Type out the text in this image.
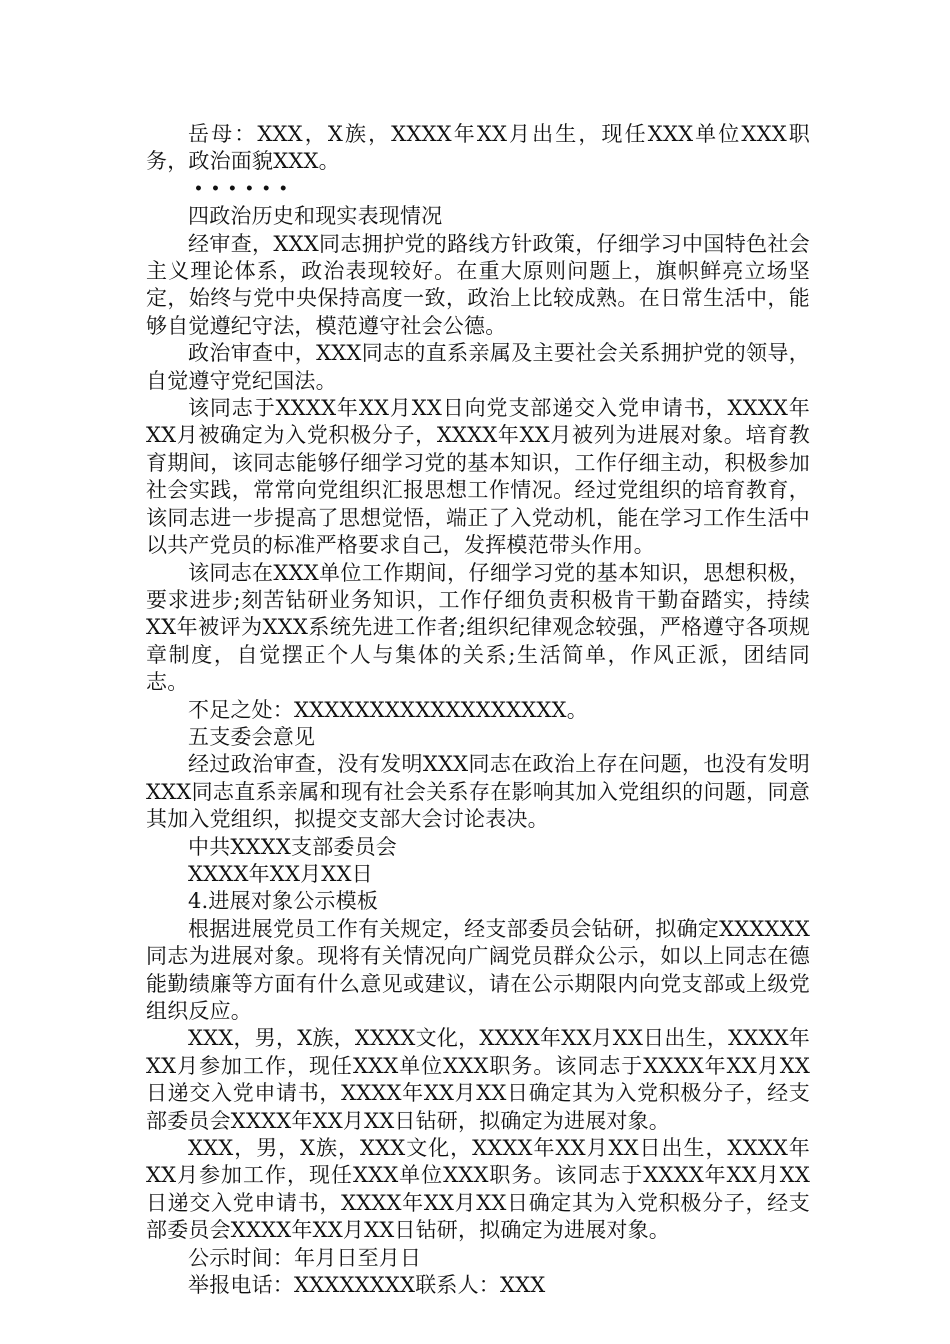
岳母：XXX，X族，XXXX年XX月出生，现任XXX单位XXX职务，政治面貌XXX。

••••••

四政治历史和现实表现情况

经审查，XXX同志拥护党的路线方针政策，仔细学习中国特色社会主义理论体系，政治表现较好。在重大原则问题上，旗帜鲜亮立场坚定，始终与党中央保持高度一致，政治上比较成熟。在日常生活中，能够自觉遵纪守法，模范遵守社会公德。

政治审查中，XXX同志的直系亲属及主要社会关系拥护党的领导，自觉遵守党纪国法。

该同志于XXXX年XX月XX日向党支部递交入党申请书，XXXX年XX月被确定为入党积极分子，XXXX年XX月被列为进展对象。培育教育期间，该同志能够仔细学习党的基本知识，工作仔细主动，积极参加社会实践，常常向党组织汇报思想工作情况。经过党组织的培育教育，该同志进一步提高了思想觉悟，端正了入党动机，能在学习工作生活中以共产党员的标准严格要求自己，发挥模范带头作用。

该同志在XXX单位工作期间，仔细学习党的基本知识，思想积极，要求进步;刻苦钻研业务知识，工作仔细负责积极肯干勤奋踏实，持续XX年被评为XXX系统先进工作者;组织纪律观念较强，严格遵守各项规章制度，自觉摆正个人与集体的关系;生活简单，作风正派，团结同志。

不足之处：XXXXXXXXXXXXXXXXXX。

五支委会意见

经过政治审查，没有发明XXX同志在政治上存在问题，也没有发明XXX同志直系亲属和现有社会关系存在影响其加入党组织的问题，同意其加入党组织，拟提交支部大会讨论表决。

中共XXXX支部委员会

XXXX年XX月XX日

4.进展对象公示模板

根据进展党员工作有关规定，经支部委员会钻研，拟确定XXXXXX同志为进展对象。现将有关情况向广阔党员群众公示，如以上同志在德能勤绩廉等方面有什么意见或建议，请在公示期限内向党支部或上级党组织反应。

XXX，男，X族，XXXX文化，XXXX年XX月XX日出生，XXXX年XX月参加工作，现任XXX单位XXX职务。该同志于XXXX年XX月XX日递交入党申请书，XXXX年XX月XX日确定其为入党积极分子，经支部委员会XXXX年XX月XX日钻研，拟确定为进展对象。

XXX，男，X族，XXX文化，XXXX年XX月XX日出生，XXXX年XX月参加工作，现任XXX单位XXX职务。该同志于XXXX年XX月XX日递交入党申请书，XXXX年XX月XX日确定其为入党积极分子，经支部委员会XXXX年XX月XX日钻研，拟确定为进展对象。

公示时间：年月日至月日

举报电话：XXXXXXXX联系人：XXX
